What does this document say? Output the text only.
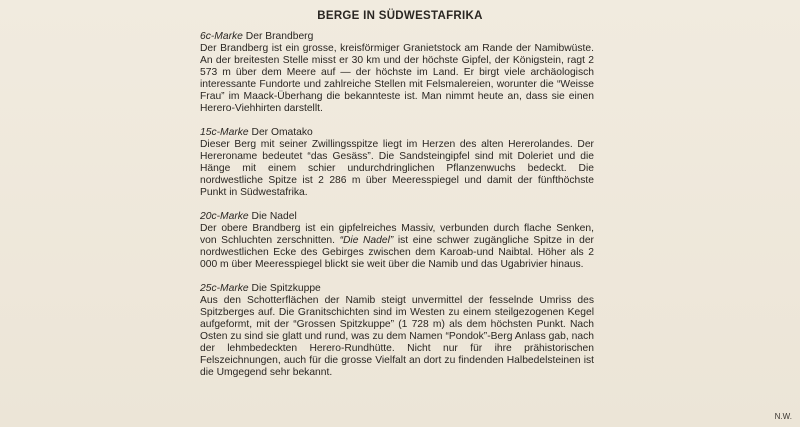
BERGE IN SÜDWESTAFRIKA

6c-Marke Der Brandberg

Der Brandberg ist ein grosse, kreisförmiger Granietstock am Rande der Namibwüste. An der breitesten Stelle misst er 30 km und der höchste Gipfel, der Königstein, ragt 2 573 m über dem Meere auf — der höchste im Land. Er birgt viele archäologisch interessante Fundorte und zahlreiche Stellen mit Felsmalereien, worunter die “Weisse Frau” im Maack-Überhang die bekannteste ist. Man nimmt heute an, dass sie einen Herero-Viehhirten darstellt.

15c-Marke Der Omatako

Dieser Berg mit seiner Zwillingsspitze liegt im Herzen des alten Hererolandes. Der Hereroname bedeutet “das Gesäss”. Die Sandsteingipfel sind mit Doleriet und die Hänge mit einem schier undurchdringlichen Pflanzenwuchs bedeckt. Die nordwestliche Spitze ist 2 286 m über Meeresspiegel und damit der fünfthöchste Punkt in Südwestafrika.

20c-Marke Die Nadel

Der obere Brandberg ist ein gipfelreiches Massiv, verbunden durch flache Senken, von Schluchten zerschnitten. “Die Nadel” ist eine schwer zugängliche Spitze in der nordwestlichen Ecke des Gebirges zwischen dem Karoab-und Naibtal. Höher als 2 000 m über Meeresspiegel blickt sie weit über die Namib und das Ugabrivier hinaus.

25c-Marke Die Spitzkuppe

Aus den Schotterflächen der Namib steigt unvermittel der fesselnde Umriss des Spitzberges auf. Die Granitschichten sind im Westen zu einem steilgezogenen Kegel aufgeformt, mit der “Grossen Spitzkuppe” (1 728 m) als dem höchsten Punkt. Nach Osten zu sind sie glatt und rund, was zu dem Namen “Pondok”-Berg Anlass gab, nach der lehmbedeckten Herero-Rundhütte. Nicht nur für ihre prähistorischen Felszeichnungen, auch für die grosse Vielfalt an dort zu findenden Halbedelsteinen ist die Umgegend sehr bekannt.

N.W.
